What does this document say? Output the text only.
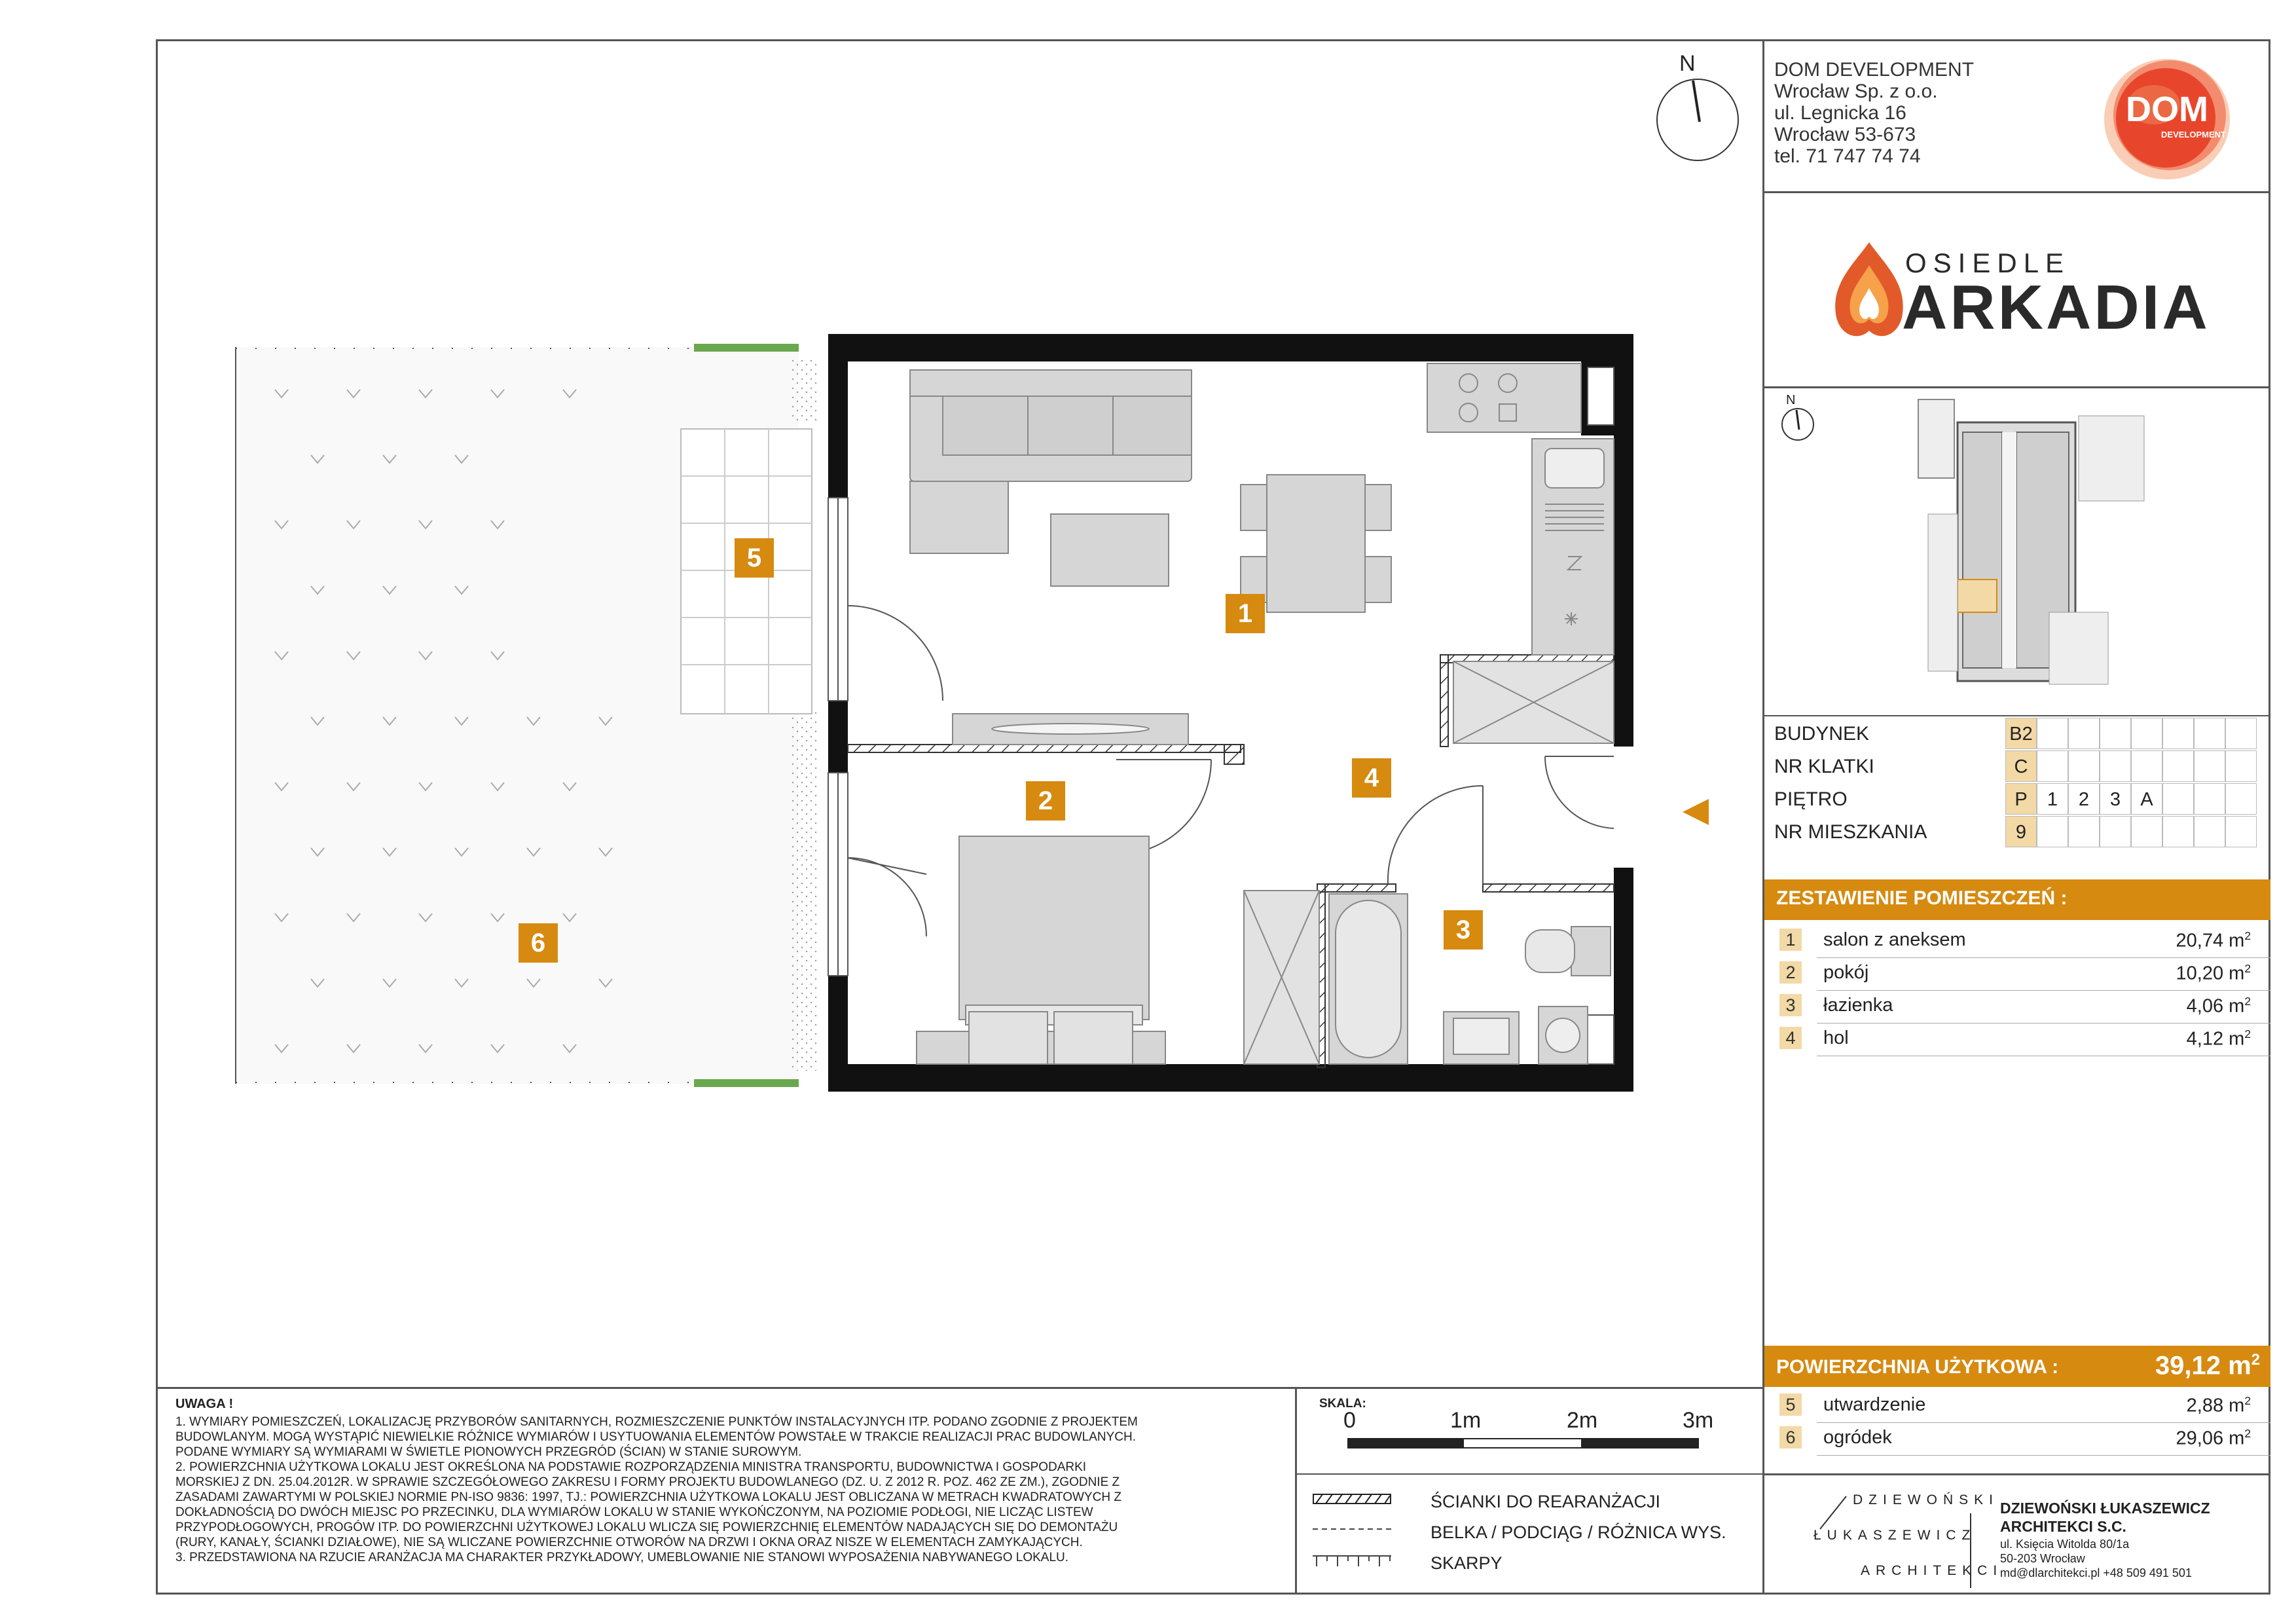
DOM DEVELOPMENT
Wrocław Sp. z o.o.
ul. Legnicka 16
Wrocław 53-673
tel. 71 747 74 74
DOM
DEVELOPMENT
OSIEDLE
ARKADIA
N
BUDYNEK	B2
NR KLATKI	C
PIĘTRO	P	1	2	3	A
NR MIESZKANIA	9
ZESTAWIENIE POMIESZCZEŃ :
1	salon z aneksem	20,74 $m^2$
2	pokój	10,20 $m^2$
3	łazienka	4,06 $m^2$
4	hol	4,12 $m^2$
POWIERZCHNIA UŻYTKOWA :	39,12 $m^2$
5	utwardzenie	2,88 $m^2$
6	ogródek	29,06 $m^2$
DZIEWOŃSKI
ŁUKASZEWICZ
ARCHITEKCI
DZIEWOŃSKI ŁUKASZEWICZ
ARCHITEKCI S.C.
ul. Księcia Witolda 80/1a
50-203 Wrocław
md@dlarchitekci.pl +48 509 491 501
UWAGA !
1. WYMIARY POMIESZCZEŃ, LOKALIZACJĘ PRZYBORÓW SANITARNYCH, ROZMIESZCZENIE PUNKTÓW INSTALACYJNYCH ITP. PODANO ZGODNIE Z PROJEKTEM
BUDOWLANYM. MOGĄ WYSTĄPIĆ NIEWIELKIE RÓŻNICE WYMIARÓW I USYTUOWANIA ELEMENTÓW POWSTAŁE W TRAKCIE REALIZACJI PRAC BUDOWLANYCH.
PODANE WYMIARY SĄ WYMIARAMI W ŚWIETLE PIONOWYCH PRZEGRÓD (ŚCIAN) W STANIE SUROWYM.
2. POWIERZCHNIA UŻYTKOWA LOKALU JEST OKREŚLONA NA PODSTAWIE ROZPORZĄDZENIA MINISTRA TRANSPORTU, BUDOWNICTWA I GOSPODARKI
MORSKIEJ Z DN. 25.04.2012R. W SPRAWIE SZCZEGÓŁOWEGO ZAKRESU I FORMY PROJEKTU BUDOWLANEGO (DZ. U. Z 2012 R. POZ. 462 ZE ZM.), ZGODNIE Z
ZASADAMI ZAWARTYMI W POLSKIEJ NORMIE PN-ISO 9836: 1997, TJ.: POWIERZCHNIA UŻYTKOWA LOKALU JEST OBLICZANA W METRACH KWADRATOWYCH Z
DOKŁADNOŚCIĄ DO DWÓCH MIEJSC PO PRZECINKU, DLA WYMIARÓW LOKALU W STANIE WYKOŃCZONYM, NA POZIOMIE PODŁOGI, NIE LICZĄC LISTEW
PRZYPODŁOGOWYCH, PROGÓW ITP. DO POWIERZCHNI UŻYTKOWEJ LOKALU WLICZA SIĘ POWIERZCHNIĘ ELEMENTÓW NADAJĄCYCH SIĘ DO DEMONTAŻU
(RURY, KANAŁY, ŚCIANKI DZIAŁOWE), NIE SĄ WLICZANE POWIERZCHNIE OTWORÓW NA DRZWI I OKNA ORAZ NISZE W ELEMENTACH ZAMYKAJĄCYCH.
3. PRZEDSTAWIONA NA RZUCIE ARANŻACJA MA CHARAKTER PRZYKŁADOWY, UMEBLOWANIE NIE STANOWI WYPOSAŻENIA NABYWANEGO LOKALU.
SKALA:
0	1m	2m	3m
ŚCIANKI DO REARANŻACJI
BELKA / PODCIĄG / RÓŻNICA WYS.
SKARPY
N
1
2
3
4
5
6
